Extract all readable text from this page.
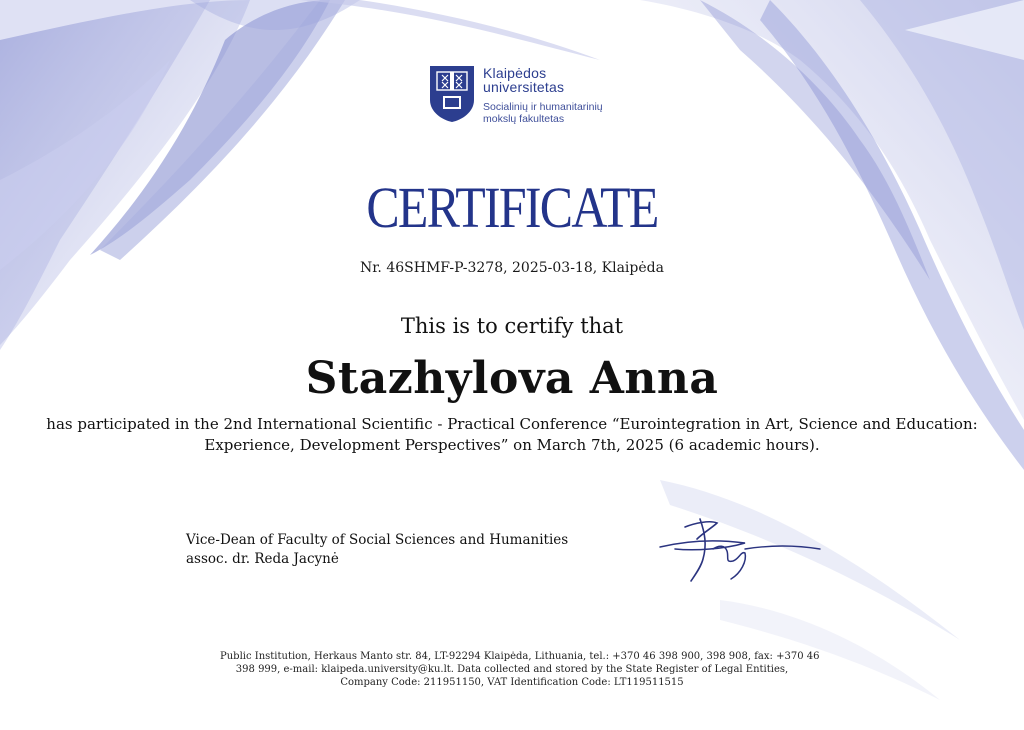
Klaipėdos
universitetas
Socialinių ir humanitarinių
mokslų fakultetas
CERTIFICATE
Nr. 46SHMF-P-3278, 2025-03-18, Klaipėda
This is to certify that
Stazhylova Anna
has participated in the 2nd International Scientific - Practical Conference “Eurointegration in Art, Science and Education:
Experience, Development Perspectives” on March 7th, 2025 (6 academic hours).
Vice-Dean of Faculty of Social Sciences and Humanities
assoc. dr. Reda Jacynė
Public Institution, Herkaus Manto str. 84, LT-92294 Klaipėda, Lithuania, tel.: +370 46 398 900, 398 908, fax: +370 46
398 999, e-mail: klaipeda.university@ku.lt. Data collected and stored by the State Register of Legal Entities,
Company Code: 211951150, VAT Identification Code: LT119511515
